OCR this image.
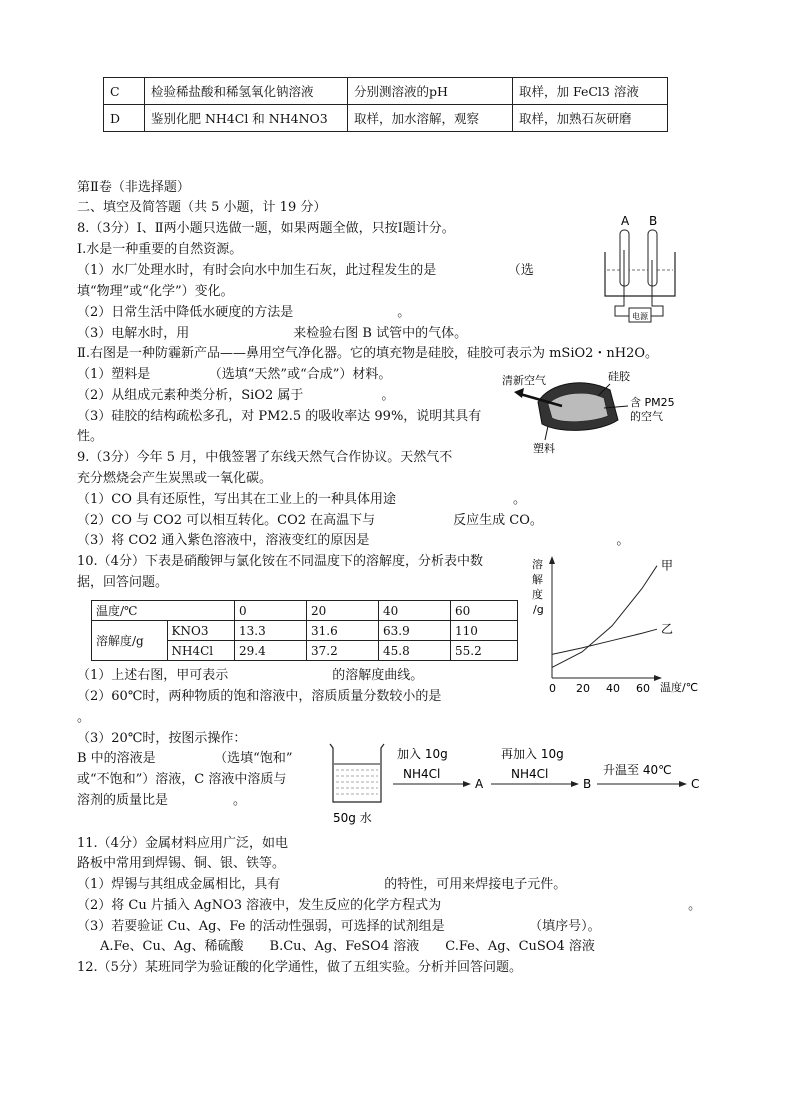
C	检验稀盐酸和稀氢氧化钠溶液	分别测溶液的pH	取样，加 FeCl3 溶液
D	鉴别化肥 NH4Cl 和 NH4NO3	取样，加水溶解，观察	取样，加熟石灰研磨
第Ⅱ卷（非选择题）
二、填空及简答题（共 5 小题，计 19 分）
8.（3分）Ⅰ、Ⅱ两小题只选做一题，如果两题全做，只按Ⅰ题计分。
Ⅰ.水是一种重要的自然资源。
（1）水厂处理水时，有时会向水中加生石灰，此过程发生的是　　　　　　（选
填“物理”或“化学”）变化。
（2）日常生活中降低水硬度的方法是　　　　　　　　。
（3）电解水时，用　　　　　　　　来检验右图 B 试管中的气体。
Ⅱ.右图是一种防霾新产品——鼻用空气净化器。它的填充物是硅胶，硅胶可表示为 mSiO2・nH2O。
（1）塑料是　　　　　（选填“天然”或“合成”）材料。
（2）从组成元素种类分析，SiO2 属于　　　　　　。
（3）硅胶的结构疏松多孔，对 PM2.5 的吸收率达 99%，说明其具有
性。
9.（3分）今年 5 月，中俄签署了东线天然气合作协议。天然气不
充分燃烧会产生炭黑或一氧化碳。
（1）CO 具有还原性，写出其在工业上的一种具体用途　　　　　　　　　。
（2）CO 与 CO2 可以相互转化。CO2 在高温下与　　　　　　反应生成 CO。
（3）将 CO2 通入紫色溶液中，溶液变红的原因是　　　　　　　　　　　　　　　　　　　。
10.（4分）下表是硝酸钾与氯化铵在不同温度下的溶解度，分析表中数
据，回答问题。
温度/℃		0	20	40	60
溶解度/g	KNO3	13.3	31.6	63.9	110
	NH4Cl	29.4	37.2	45.8	55.2
（1）上述右图，甲可表示　　　　　　　　的溶解度曲线。
（2）60℃时，两种物质的饱和溶液中，溶质质量分数较小的是
。
（3）20℃时，按图示操作：
B 中的溶液是　　　　　（选填“饱和”
或“不饱和”）溶液，C 溶液中溶质与
溶剂的质量比是　　　　　。
11.（4分）金属材料应用广泛，如电
路板中常用到焊锡、铜、银、铁等。
（1）焊锡与其组成金属相比，具有　　　　　　　　的特性，可用来焊接电子元件。
（2）将 Cu 片插入 AgNO3 溶液中，发生反应的化学方程式为　　　　　　　　　　　　　　　　　　　。
（3）若要验证 Cu、Ag、Fe 的活动性强弱，可选择的试剂组是　　　　　　　（填序号）。
A.Fe、Cu、Ag、稀硫酸　　B.Cu、Ag、FeSO4 溶液　　C.Fe、Ag、CuSO4 溶液
12.（5分）某班同学为验证酸的化学通性，做了五组实验。分析并回答问题。
A B
电源
清新空气	硅胶
含 PM25
的空气
塑料
溶
解
度
/g
0 20 40 60
甲
乙
温度/℃
50g 水
加入 10g
NH4Cl
A
再加入 10g
NH4Cl
B
升温至 40℃
C
